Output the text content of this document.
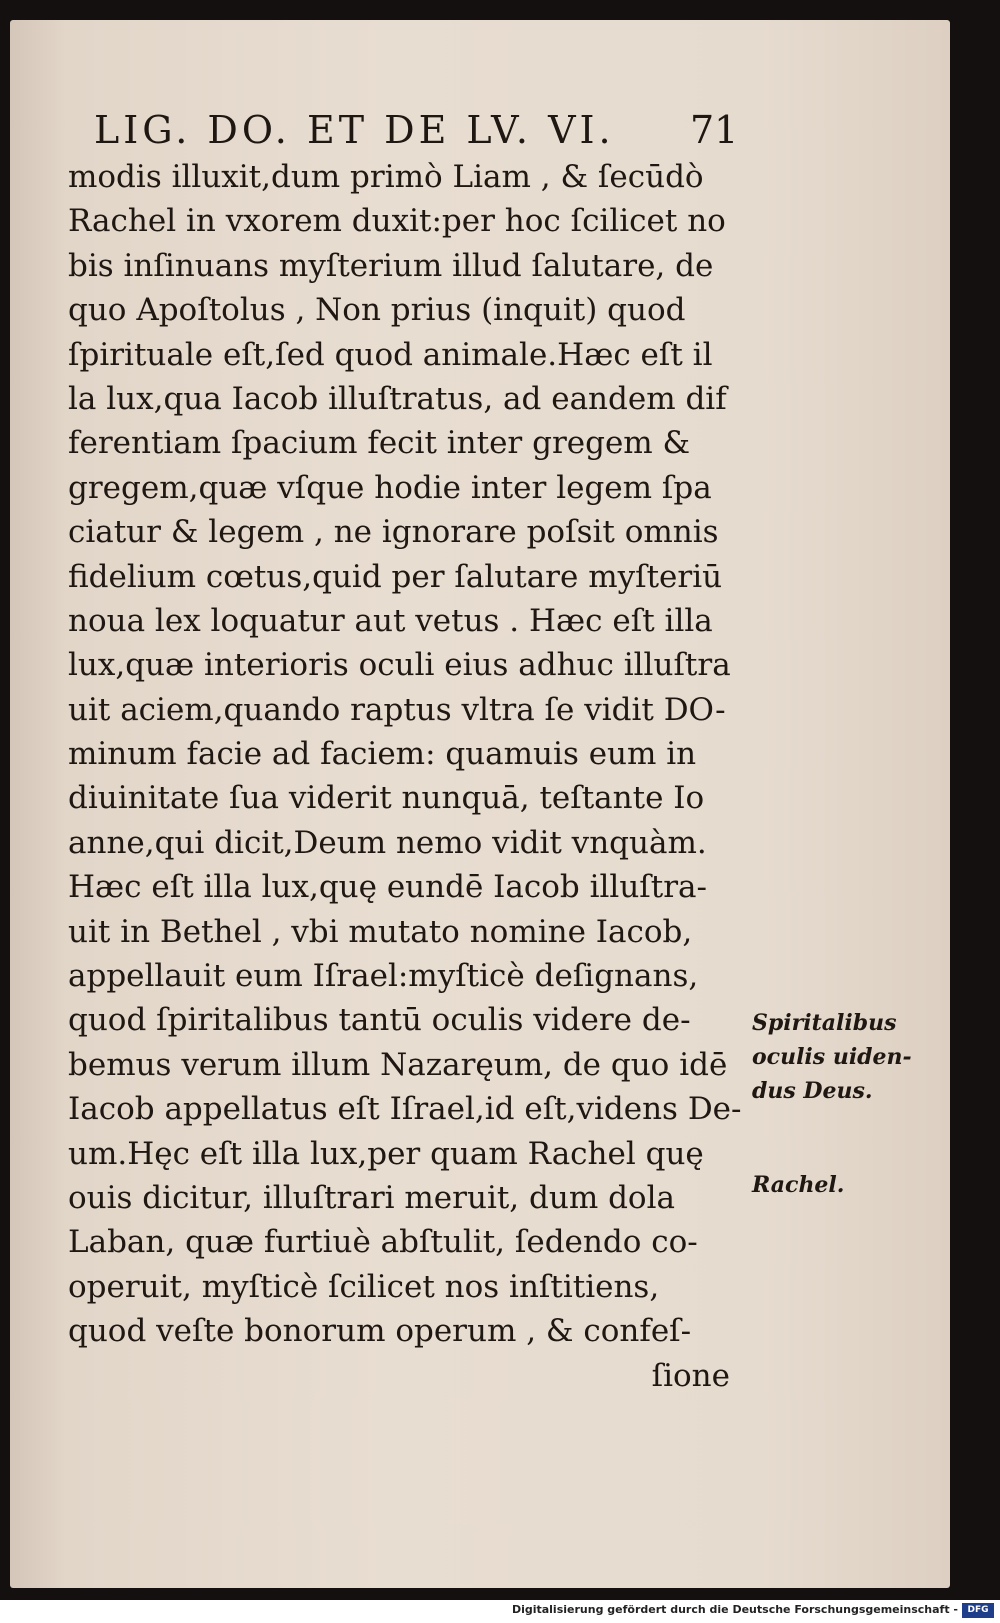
LIG. DO. ET DE LV. VI.	71
modis illuxit,dum primò Liam , & ſecūdò
Rachel in vxorem duxit:per hoc ſcilicet no
bis inſinuans myſterium illud ſalutare, de
quo Apoſtolus , Non prius (inquit) quod
ſpirituale eſt,ſed quod animale.Hæc eſt il
la lux,qua Iacob illuſtratus, ad eandem dif
ferentiam ſpacium fecit inter gregem &
gregem,quæ vſque hodie inter legem ſpa
ciatur & legem , ne ignorare poſsit omnis
fidelium cœtus,quid per ſalutare myſteriū
noua lex loquatur aut vetus . Hæc eſt illa
lux,quæ interioris oculi eius adhuc illuſtra
uit aciem,quando raptus vltra ſe vidit DO-
minum facie ad faciem: quamuis eum in
diuinitate ſua viderit nunquā, teſtante Io
anne,qui dicit,Deum nemo vidit vnquàm.
Hæc eſt illa lux,quę eundē Iacob illuſtra-
uit in Bethel , vbi mutato nomine Iacob,
appellauit eum Iſrael:myſticè deſignans,
quod ſpiritalibus tantū oculis videre de-
bemus verum illum Nazaręum, de quo idē
Iacob appellatus eſt Iſrael,id eſt,videns De-
um.Hęc eſt illa lux,per quam Rachel quę
ouis dicitur, illuſtrari meruit, dum dola
Laban, quæ furtiuè abſtulit, ſedendo co-
operuit, myſticè ſcilicet nos inſtitiens,
quod veſte bonorum operum , & confeſ-
ſione
Spiritalibus
oculis uiden-
dus Deus.
Rachel.
Digitalisierung gefördert durch die Deutsche Forschungsgemeinschaft -	DFG
